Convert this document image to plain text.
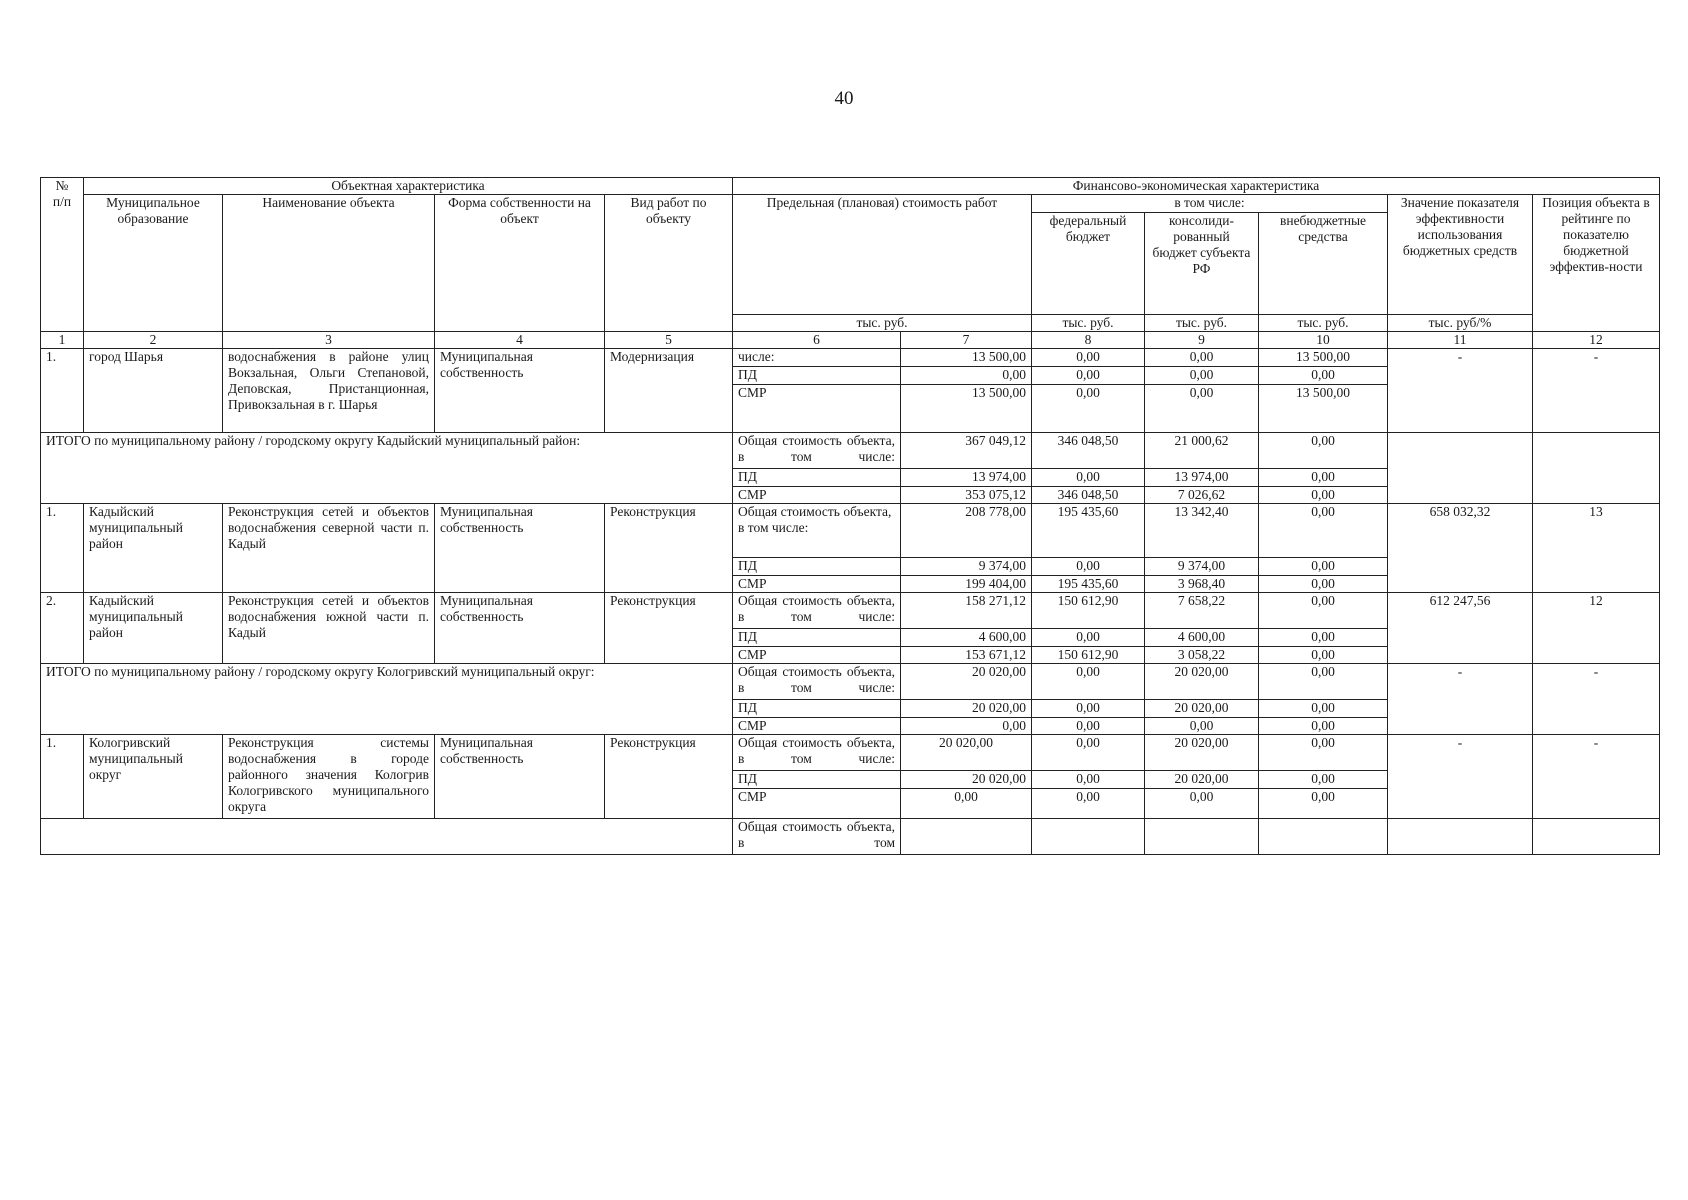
40
№
п/п	Объектная характеристика				Финансово-экономическая характеристика						
	Муниципальное образование	Наименование объекта	Форма собственности на объект	Вид работ по объекту	Предельная (плановая) стоимость работ		в том числе:			Значение показателя эффективности использования бюджетных средств	Позиция объекта в рейтинге по показателю бюджетной эффектив-ности
							федеральный бюджет	консолиди-рованный бюджет субъекта РФ	внебюджетные средства		
					тыс. руб.		тыс. руб.	тыс. руб.	тыс. руб.	тыс. руб/%	
1	2	3	4	5	6	7	8	9	10	11	12
1.	город Шарья	водоснабжения в районе улиц Вокзальная, Ольги Степановой, Деповская, Пристанционная, Привокзальная в г. Шарья	Муниципальная собственность	Модернизация	числе:	13 500,00	0,00	0,00	13 500,00	-	-
					ПД	0,00	0,00	0,00	0,00		
					СМР	13 500,00	0,00	0,00	13 500,00		
ИТОГО по муниципальному району / городскому округу Кадыйский муниципальный район:					Общая стоимость объекта, в том числе:	367 049,12	346 048,50	21 000,62	0,00		
					ПД	13 974,00	0,00	13 974,00	0,00		
					СМР	353 075,12	346 048,50	7 026,62	0,00		
1.	Кадыйский муниципальный район	Реконструкция сетей и объектов водоснабжения северной части п. Кадый	Муниципальная собственность	Реконструкция	Общая стоимость объекта, в том числе:	208 778,00	195 435,60	13 342,40	0,00	658 032,32	13
					ПД	9 374,00	0,00	9 374,00	0,00		
					СМР	199 404,00	195 435,60	3 968,40	0,00		
2.	Кадыйский муниципальный район	Реконструкция сетей и объектов водоснабжения южной части п. Кадый	Муниципальная собственность	Реконструкция	Общая стоимость объекта, в том числе:	158 271,12	150 612,90	7 658,22	0,00	612 247,56	12
					ПД	4 600,00	0,00	4 600,00	0,00		
					СМР	153 671,12	150 612,90	3 058,22	0,00		
ИТОГО по муниципальному району / городскому округу Кологривский муниципальный округ:					Общая стоимость объекта, в том числе:	20 020,00	0,00	20 020,00	0,00	-	-
					ПД	20 020,00	0,00	20 020,00	0,00		
					СМР	0,00	0,00	0,00	0,00		
1.	Кологривский муниципальный округ	Реконструкция системы водоснабжения в городе районного значения Кологрив Кологривского муниципального округа	Муниципальная собственность	Реконструкция	Общая стоимость объекта, в том числе:	20 020,00	0,00	20 020,00	0,00	-	-
					ПД	20 020,00	0,00	20 020,00	0,00		
					СМР	0,00	0,00	0,00	0,00		
					Общая стоимость объекта, в том						
